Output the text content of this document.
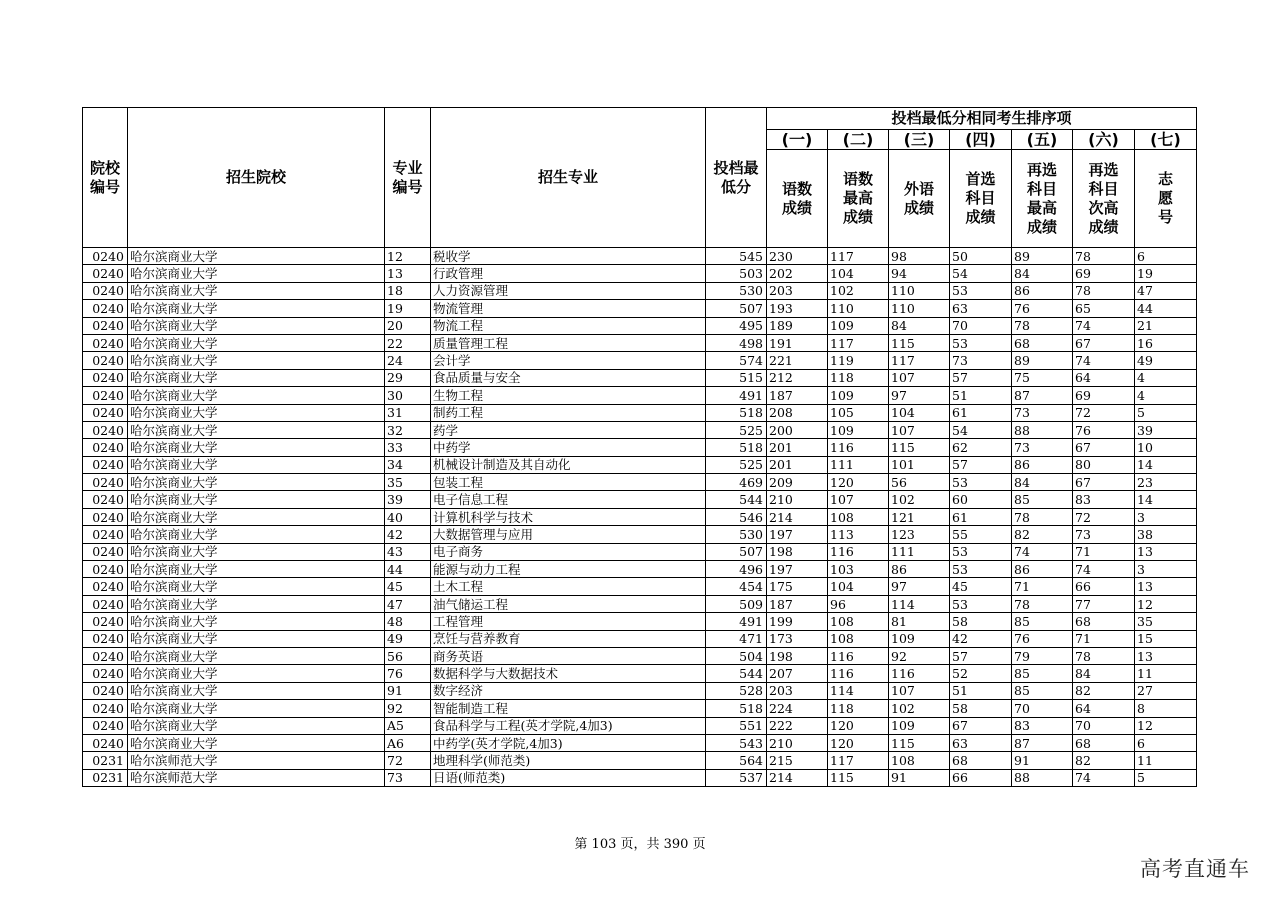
院校编号	招生院校	专业编号	招生专业	投档最低分	投档最低分相同考生排序项						
					(一)	(二)	(三)	(四)	(五)	(六)	(七)
					语数成绩	语数最高成绩	外语成绩	首选科目成绩	再选科目最高成绩	再选科目次高成绩	志愿号
0240	哈尔滨商业大学	12	税收学	545	230	117	98	50	89	78	6
0240	哈尔滨商业大学	13	行政管理	503	202	104	94	54	84	69	19
0240	哈尔滨商业大学	18	人力资源管理	530	203	102	110	53	86	78	47
0240	哈尔滨商业大学	19	物流管理	507	193	110	110	63	76	65	44
0240	哈尔滨商业大学	20	物流工程	495	189	109	84	70	78	74	21
0240	哈尔滨商业大学	22	质量管理工程	498	191	117	115	53	68	67	16
0240	哈尔滨商业大学	24	会计学	574	221	119	117	73	89	74	49
0240	哈尔滨商业大学	29	食品质量与安全	515	212	118	107	57	75	64	4
0240	哈尔滨商业大学	30	生物工程	491	187	109	97	51	87	69	4
0240	哈尔滨商业大学	31	制药工程	518	208	105	104	61	73	72	5
0240	哈尔滨商业大学	32	药学	525	200	109	107	54	88	76	39
0240	哈尔滨商业大学	33	中药学	518	201	116	115	62	73	67	10
0240	哈尔滨商业大学	34	机械设计制造及其自动化	525	201	111	101	57	86	80	14
0240	哈尔滨商业大学	35	包装工程	469	209	120	56	53	84	67	23
0240	哈尔滨商业大学	39	电子信息工程	544	210	107	102	60	85	83	14
0240	哈尔滨商业大学	40	计算机科学与技术	546	214	108	121	61	78	72	3
0240	哈尔滨商业大学	42	大数据管理与应用	530	197	113	123	55	82	73	38
0240	哈尔滨商业大学	43	电子商务	507	198	116	111	53	74	71	13
0240	哈尔滨商业大学	44	能源与动力工程	496	197	103	86	53	86	74	3
0240	哈尔滨商业大学	45	土木工程	454	175	104	97	45	71	66	13
0240	哈尔滨商业大学	47	油气储运工程	509	187	96	114	53	78	77	12
0240	哈尔滨商业大学	48	工程管理	491	199	108	81	58	85	68	35
0240	哈尔滨商业大学	49	烹饪与营养教育	471	173	108	109	42	76	71	15
0240	哈尔滨商业大学	56	商务英语	504	198	116	92	57	79	78	13
0240	哈尔滨商业大学	76	数据科学与大数据技术	544	207	116	116	52	85	84	11
0240	哈尔滨商业大学	91	数字经济	528	203	114	107	51	85	82	27
0240	哈尔滨商业大学	92	智能制造工程	518	224	118	102	58	70	64	8
0240	哈尔滨商业大学	A5	食品科学与工程(英才学院,4加3)	551	222	120	109	67	83	70	12
0240	哈尔滨商业大学	A6	中药学(英才学院,4加3)	543	210	120	115	63	87	68	6
0231	哈尔滨师范大学	72	地理科学(师范类)	564	215	117	108	68	91	82	11
0231	哈尔滨师范大学	73	日语(师范类)	537	214	115	91	66	88	74	5
第 103 页，共 390 页
高考直通车
